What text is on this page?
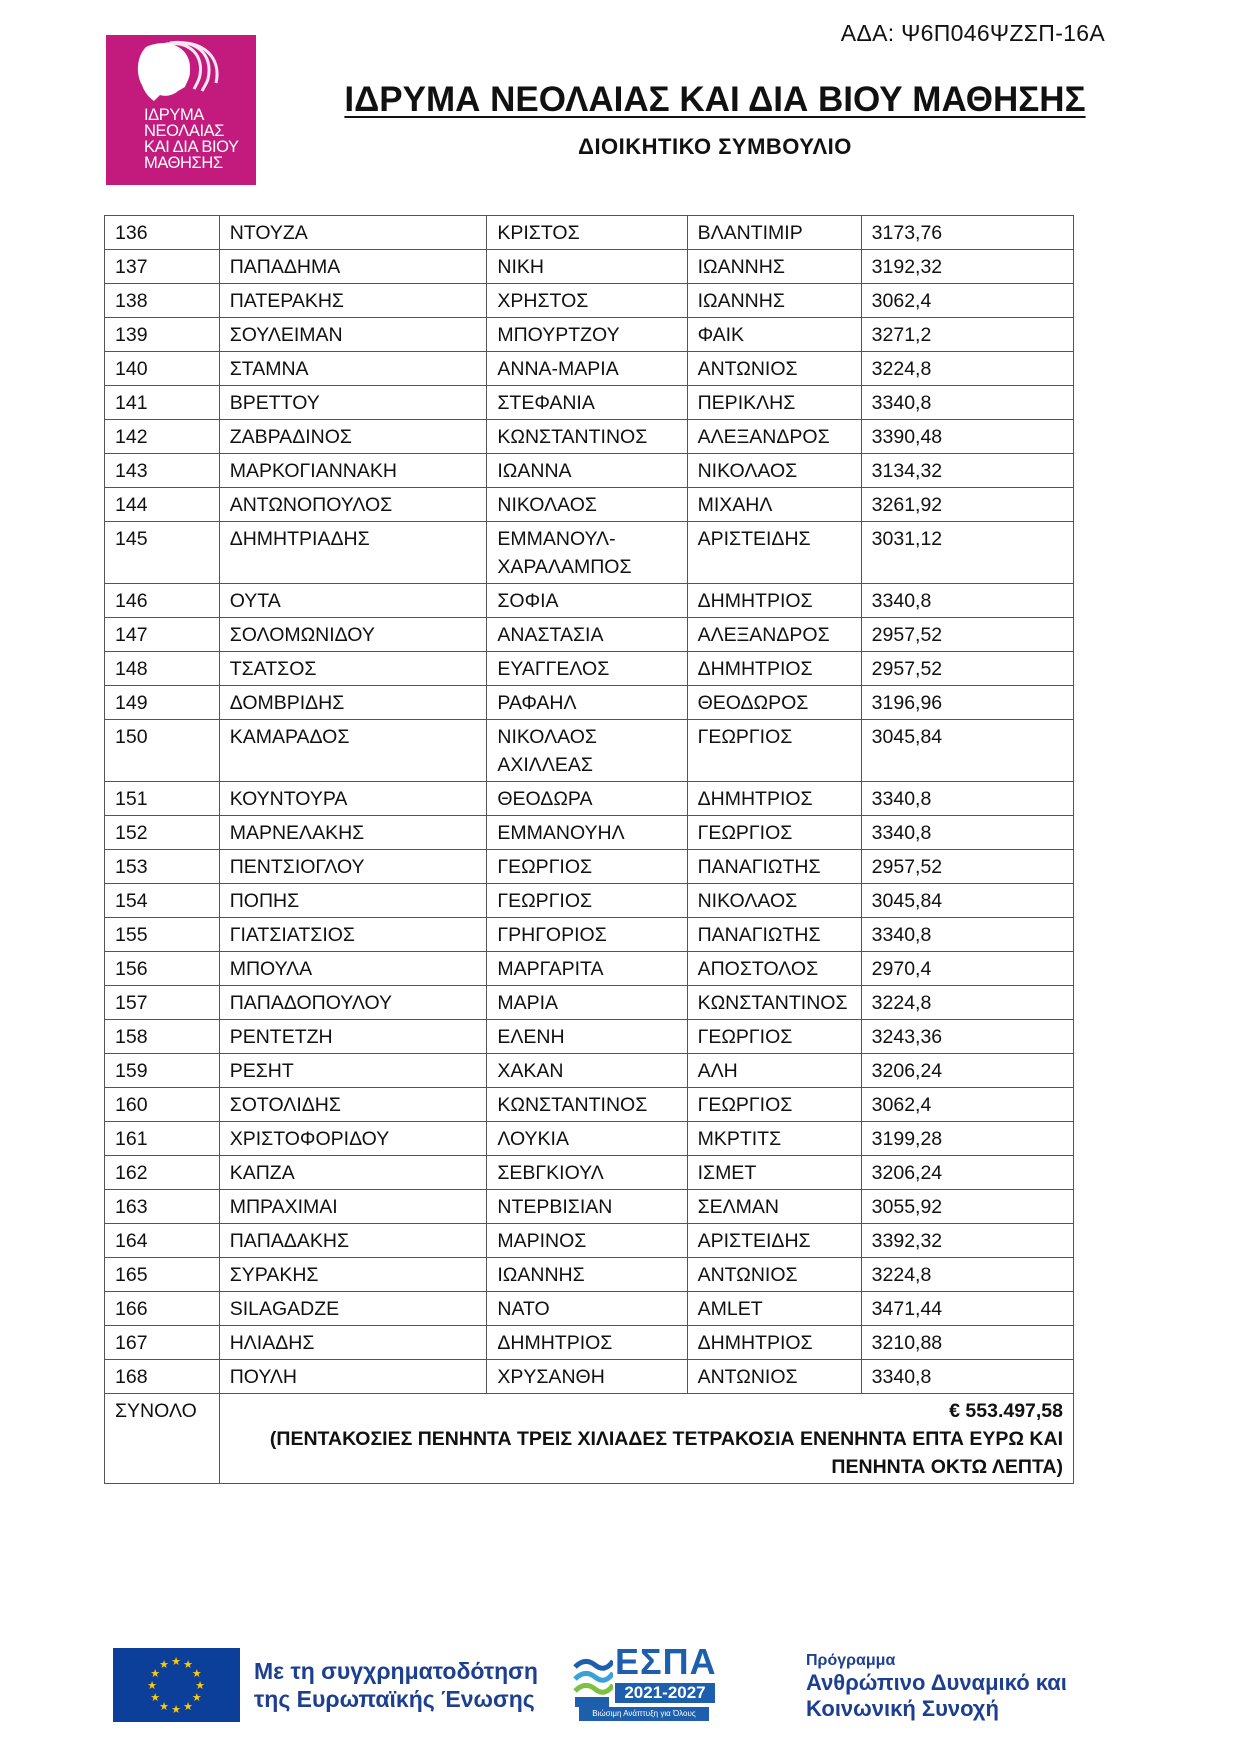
ΑΔΑ: Ψ6Π046ΨΖΣΠ-16Α
ΙΔΡΥΜΑ
ΝΕΟΛΑΙΑΣ
ΚΑΙ ΔΙΑ ΒΙΟΥ
ΜΑΘΗΣΗΣ
ΙΔΡΥΜΑ ΝΕΟΛΑΙΑΣ ΚΑΙ ΔΙΑ ΒΙΟΥ ΜΑΘΗΣΗΣ
ΔΙΟΙΚΗΤΙΚΟ ΣΥΜΒΟΥΛΙΟ
136	ΝΤΟΥΖΑ	ΚΡΙΣΤΟΣ	ΒΛΑΝΤΙΜΙΡ	3173,76
137	ΠΑΠΑΔΗΜΑ	ΝΙΚΗ	ΙΩΑΝΝΗΣ	3192,32
138	ΠΑΤΕΡΑΚΗΣ	ΧΡΗΣΤΟΣ	ΙΩΑΝΝΗΣ	3062,4
139	ΣΟΥΛΕΙΜΑΝ	ΜΠΟΥΡΤΖΟΥ	ΦΑΙΚ	3271,2
140	ΣΤΑΜΝΑ	ΑΝΝΑ-ΜΑΡΙΑ	ΑΝΤΩΝΙΟΣ	3224,8
141	ΒΡΕΤΤΟΥ	ΣΤΕΦΑΝΙΑ	ΠΕΡΙΚΛΗΣ	3340,8
142	ΖΑΒΡΑΔΙΝΟΣ	ΚΩΝΣΤΑΝΤΙΝΟΣ	ΑΛΕΞΑΝΔΡΟΣ	3390,48
143	ΜΑΡΚΟΓΙΑΝΝΑΚΗ	ΙΩΑΝΝΑ	ΝΙΚΟΛΑΟΣ	3134,32
144	ΑΝΤΩΝΟΠΟΥΛΟΣ	ΝΙΚΟΛΑΟΣ	ΜΙΧΑΗΛ	3261,92
145	ΔΗΜΗΤΡΙΑΔΗΣ	ΕΜΜΑΝΟΥΛ- ΧΑΡΑΛΑΜΠΟΣ	ΑΡΙΣΤΕΙΔΗΣ	3031,12
146	ΟΥΤΑ	ΣΟΦΙΑ	ΔΗΜΗΤΡΙΟΣ	3340,8
147	ΣΟΛΟΜΩΝΙΔΟΥ	ΑΝΑΣΤΑΣΙΑ	ΑΛΕΞΑΝΔΡΟΣ	2957,52
148	ΤΣΑΤΣΟΣ	ΕΥΑΓΓΕΛΟΣ	ΔΗΜΗΤΡΙΟΣ	2957,52
149	ΔΟΜΒΡΙΔΗΣ	ΡΑΦΑΗΛ	ΘΕΟΔΩΡΟΣ	3196,96
150	ΚΑΜΑΡΑΔΟΣ	ΝΙΚΟΛΑΟΣ ΑΧΙΛΛΕΑΣ	ΓΕΩΡΓΙΟΣ	3045,84
151	ΚΟΥΝΤΟΥΡΑ	ΘΕΟΔΩΡΑ	ΔΗΜΗΤΡΙΟΣ	3340,8
152	ΜΑΡΝΕΛΑΚΗΣ	ΕΜΜΑΝΟΥΗΛ	ΓΕΩΡΓΙΟΣ	3340,8
153	ΠΕΝΤΣΙΟΓΛΟΥ	ΓΕΩΡΓΙΟΣ	ΠΑΝΑΓΙΩΤΗΣ	2957,52
154	ΠΟΠΗΣ	ΓΕΩΡΓΙΟΣ	ΝΙΚΟΛΑΟΣ	3045,84
155	ΓΙΑΤΣΙΑΤΣΙΟΣ	ΓΡΗΓΟΡΙΟΣ	ΠΑΝΑΓΙΩΤΗΣ	3340,8
156	ΜΠΟΥΛΑ	ΜΑΡΓΑΡΙΤΑ	ΑΠΟΣΤΟΛΟΣ	2970,4
157	ΠΑΠΑΔΟΠΟΥΛΟΥ	ΜΑΡΙΑ	ΚΩΝΣΤΑΝΤΙΝΟΣ	3224,8
158	ΡΕΝΤΕΤΖΗ	ΕΛΕΝΗ	ΓΕΩΡΓΙΟΣ	3243,36
159	ΡΕΣΗΤ	ΧΑΚΑΝ	ΑΛΗ	3206,24
160	ΣΟΤΟΛΙΔΗΣ	ΚΩΝΣΤΑΝΤΙΝΟΣ	ΓΕΩΡΓΙΟΣ	3062,4
161	ΧΡΙΣΤΟΦΟΡΙΔΟΥ	ΛΟΥΚΙΑ	ΜΚΡΤΙΤΣ	3199,28
162	ΚΑΠΖΑ	ΣΕΒΓΚΙΟΥΛ	ΙΣΜΕΤ	3206,24
163	ΜΠΡΑΧΙΜΑΙ	ΝΤΕΡΒΙΣΙΑΝ	ΣΕΛΜΑΝ	3055,92
164	ΠΑΠΑΔΑΚΗΣ	ΜΑΡΙΝΟΣ	ΑΡΙΣΤΕΙΔΗΣ	3392,32
165	ΣΥΡΑΚΗΣ	ΙΩΑΝΝΗΣ	ΑΝΤΩΝΙΟΣ	3224,8
166	SILAGADZE	NATO	AMLET	3471,44
167	ΗΛΙΑΔΗΣ	ΔΗΜΗΤΡΙΟΣ	ΔΗΜΗΤΡΙΟΣ	3210,88
168	ΠΟΥΛΗ	ΧΡΥΣΑΝΘΗ	ΑΝΤΩΝΙΟΣ	3340,8
ΣΥΝΟΛΟ	€ 553.497,58
(ΠΕΝΤΑΚΟΣΙΕΣ ΠΕΝΗΝΤΑ ΤΡΕΙΣ ΧΙΛΙΑΔΕΣ ΤΕΤΡΑΚΟΣΙΑ ΕΝΕΝΗΝΤΑ ΕΠΤΑ ΕΥΡΩ ΚΑΙ ΠΕΝΗΝΤΑ ΟΚΤΩ ΛΕΠΤΑ)			
★ ★
★
★
★
★
★
★
★
★
★
★	Με τη συγχρηματοδότηση
της Ευρωπαϊκής Ένωσης
ΕΣΠΑ
2021-2027
Βιώσιμη Ανάπτυξη για Όλους
Πρόγραμμα
Ανθρώπινο Δυναμικό και
Κοινωνική Συνοχή
